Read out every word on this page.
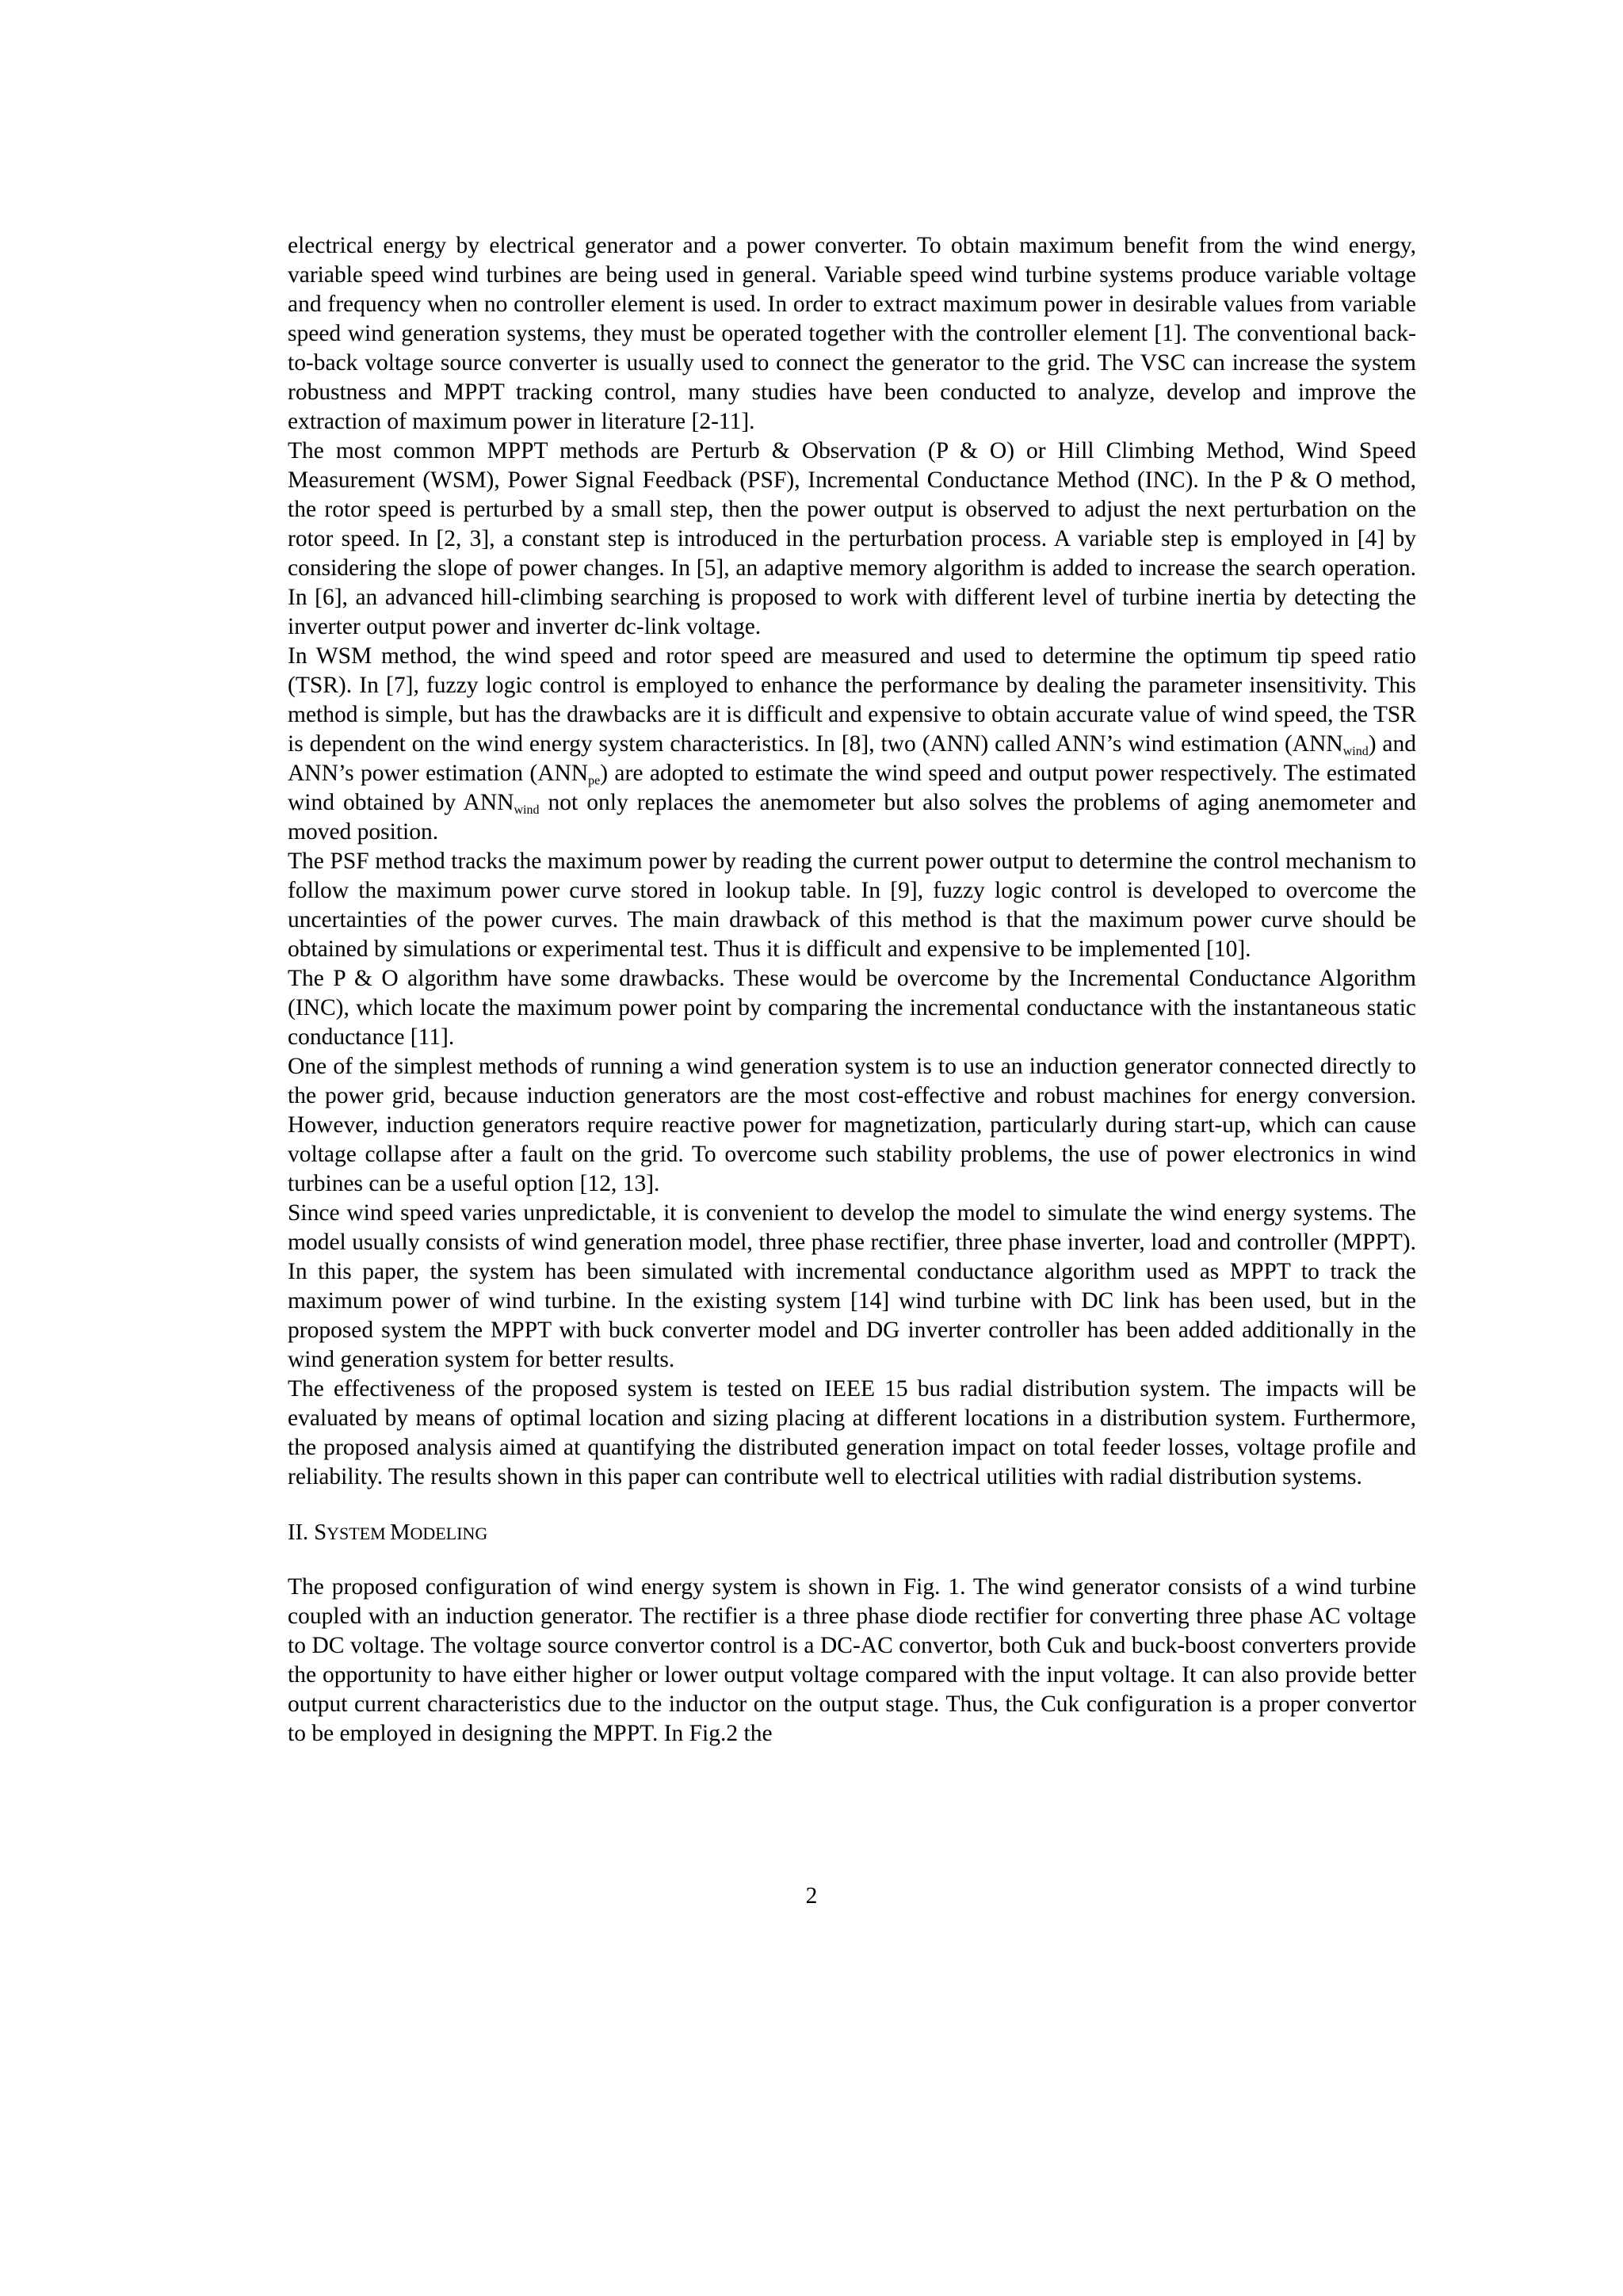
electrical energy by electrical generator and a power converter. To obtain maximum benefit from the wind energy, variable speed wind turbines are being used in general. Variable speed wind turbine systems produce variable voltage and frequency when no controller element is used. In order to extract maximum power in desirable values from variable speed wind generation systems, they must be operated together with the controller element [1]. The conventional back-to-back voltage source converter is usually used to connect the generator to the grid. The VSC can increase the system robustness and MPPT tracking control, many studies have been conducted to analyze, develop and improve the extraction of maximum power in literature [2-11].

The most common MPPT methods are Perturb & Observation (P & O) or Hill Climbing Method, Wind Speed Measurement (WSM), Power Signal Feedback (PSF), Incremental Conductance Method (INC). In the P & O method, the rotor speed is perturbed by a small step, then the power output is observed to adjust the next perturbation on the rotor speed. In [2, 3], a constant step is introduced in the perturbation process. A variable step is employed in [4] by considering the slope of power changes. In [5], an adaptive memory algorithm is added to increase the search operation. In [6], an advanced hill-climbing searching is proposed to work with different level of turbine inertia by detecting the inverter output power and inverter dc-link voltage.

In WSM method, the wind speed and rotor speed are measured and used to determine the optimum tip speed ratio (TSR). In [7], fuzzy logic control is employed to enhance the performance by dealing the parameter insensitivity. This method is simple, but has the drawbacks are it is difficult and expensive to obtain accurate value of wind speed, the TSR is dependent on the wind energy system characteristics. In [8], two (ANN) called ANN’s wind estimation $(ANN_{wind})$ and ANN’s power estimation $(ANN_{pe})$ are adopted to estimate the wind speed and output power respectively. The estimated wind obtained by $ANN_{wind}$ not only replaces the anemometer but also solves the problems of aging anemometer and moved position.

The PSF method tracks the maximum power by reading the current power output to determine the control mechanism to follow the maximum power curve stored in lookup table. In [9], fuzzy logic control is developed to overcome the uncertainties of the power curves. The main drawback of this method is that the maximum power curve should be obtained by simulations or experimental test. Thus it is difficult and expensive to be implemented [10].

The P & O algorithm have some drawbacks. These would be overcome by the Incremental Conductance Algorithm (INC), which locate the maximum power point by comparing the incremental conductance with the instantaneous static conductance [11].

One of the simplest methods of running a wind generation system is to use an induction generator connected directly to the power grid, because induction generators are the most cost-effective and robust machines for energy conversion. However, induction generators require reactive power for magnetization, particularly during start-up, which can cause voltage collapse after a fault on the grid. To overcome such stability problems, the use of power electronics in wind turbines can be a useful option [12, 13].

Since wind speed varies unpredictable, it is convenient to develop the model to simulate the wind energy systems. The model usually consists of wind generation model, three phase rectifier, three phase inverter, load and controller (MPPT). In this paper, the system has been simulated with incremental conductance algorithm used as MPPT to track the maximum power of wind turbine. In the existing system [14] wind turbine with DC link has been used, but in the proposed system the MPPT with buck converter model and DG inverter controller has been added additionally in the wind generation system for better results.

The effectiveness of the proposed system is tested on IEEE 15 bus radial distribution system. The impacts will be evaluated by means of optimal location and sizing placing at different locations in a distribution system. Furthermore, the proposed analysis aimed at quantifying the distributed generation impact on total feeder losses, voltage profile and reliability. The results shown in this paper can contribute well to electrical utilities with radial distribution systems.

II. SYSTEM MODELING

The proposed configuration of wind energy system is shown in Fig. 1. The wind generator consists of a wind turbine coupled with an induction generator. The rectifier is a three phase diode rectifier for converting three phase AC voltage to DC voltage. The voltage source convertor control is a DC-AC convertor, both Cuk and buck-boost converters provide the opportunity to have either higher or lower output voltage compared with the input voltage. It can also provide better output current characteristics due to the inductor on the output stage. Thus, the Cuk configuration is a proper convertor to be employed in designing the MPPT. In Fig.2 the

2
